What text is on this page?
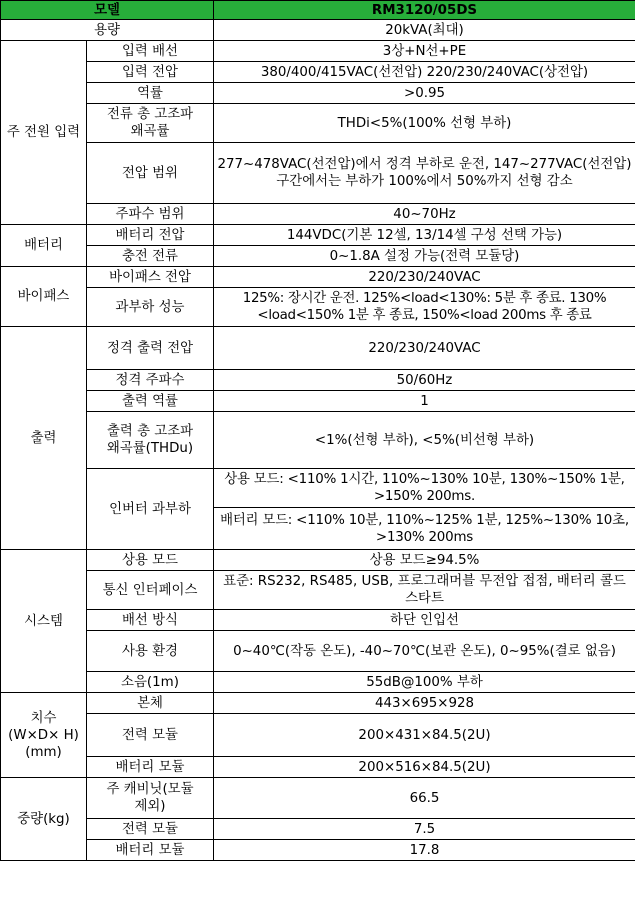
모델		RM3120/05DS
용량		20kVA(최대)
주 전원 입력	입력 배선	3상+N선+PE
	입력 전압	380/400/415VAC(선전압) 220/230/240VAC(상전압)
	역률	>0.95
	전류 총 고조파 왜곡률	THDi<5%(100% 선형 부하)
	전압 범위	277~478VAC(선전압)에서 정격 부하로 운전, 147~277VAC(선전압) 구간에서는 부하가 100%에서 50%까지 선형 감소
	주파수 범위	40~70Hz
배터리	배터리 전압	144VDC(기본 12셀, 13/14셀 구성 선택 가능)
	충전 전류	0~1.8A 설정 가능(전력 모듈당)
바이패스	바이패스 전압	220/230/240VAC
	과부하 성능	125%: 장시간 운전. 125%<load<130%: 5분 후 종료. 130%<load<150% 1분 후 종료, 150%<load 200ms 후 종료
출력	정격 출력 전압	220/230/240VAC
	정격 주파수	50/60Hz
	출력 역률	1
	출력 총 고조파 왜곡률(THDu)	<1%(선형 부하), <5%(비선형 부하)
	인버터 과부하	상용 모드: <110% 1시간, 110%~130% 10분, 130%~150% 1분, >150% 200ms.
		배터리 모드: <110% 10분, 110%~125% 1분, 125%~130% 10초, >130% 200ms
시스템	상용 모드	상용 모드≥94.5%
	통신 인터페이스	표준: RS232, RS485, USB, 프로그래머블 무전압 접점, 배터리 콜드 스타트
	배선 방식	하단 인입선
	사용 환경	0~40℃(작동 온도), -40~70℃(보관 온도), 0~95%(결로 없음)
	소음(1m)	55dB@100% 부하
치수 (W×D× H)(mm)	본체	443×695×928
	전력 모듈	200×431×84.5(2U)
	배터리 모듈	200×516×84.5(2U)
중량(kg)	주 캐비닛(모듈 제외)	66.5
	전력 모듈	7.5
	배터리 모듈	17.8
